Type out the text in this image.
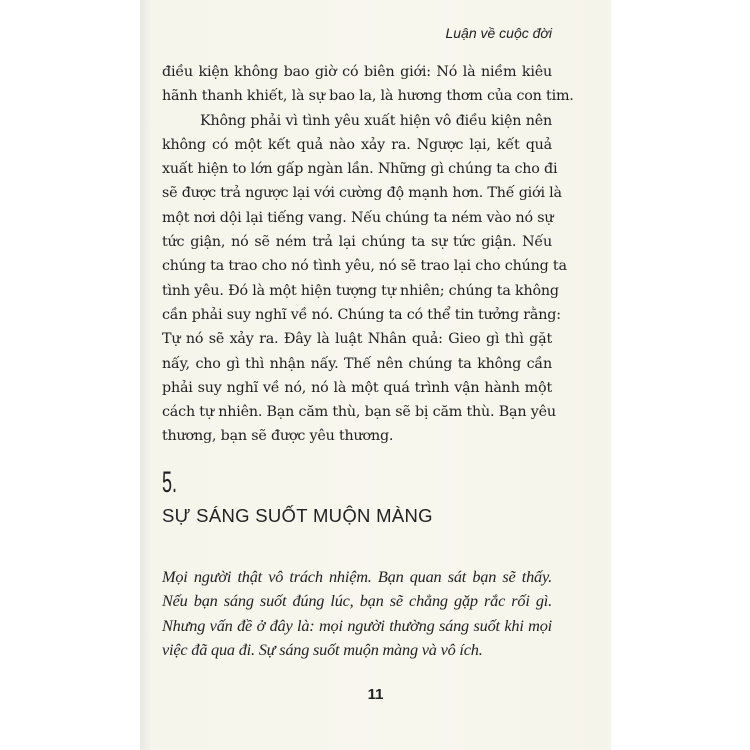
Luận về cuộc đời
điều kiện không bao giờ có biên giới: Nó là niềm kiêu
hãnh thanh khiết, là sự bao la, là hương thơm của con tim.
Không phải vì tình yêu xuất hiện vô điều kiện nên
không có một kết quả nào xảy ra. Ngược lại, kết quả
xuất hiện to lớn gấp ngàn lần. Những gì chúng ta cho đi
sẽ được trả ngược lại với cường độ mạnh hơn. Thế giới là
một nơi dội lại tiếng vang. Nếu chúng ta ném vào nó sự
tức giận, nó sẽ ném trả lại chúng ta sự tức giận. Nếu
chúng ta trao cho nó tình yêu, nó sẽ trao lại cho chúng ta
tình yêu. Đó là một hiện tượng tự nhiên; chúng ta không
cần phải suy nghĩ về nó. Chúng ta có thể tin tưởng rằng:
Tự nó sẽ xảy ra. Đây là luật Nhân quả: Gieo gì thì gặt
nấy, cho gì thì nhận nấy. Thế nên chúng ta không cần
phải suy nghĩ về nó, nó là một quá trình vận hành một
cách tự nhiên. Bạn căm thù, bạn sẽ bị căm thù. Bạn yêu
thương, bạn sẽ được yêu thương.
5.
SỰ SÁNG SUỐT MUỘN MÀNG
Mọi người thật vô trách nhiệm. Bạn quan sát bạn sẽ thấy.
Nếu bạn sáng suốt đúng lúc, bạn sẽ chẳng gặp rắc rối gì.
Nhưng vấn đề ở đây là: mọi người thường sáng suốt khi mọi
việc đã qua đi. Sự sáng suốt muộn màng và vô ích.
11
